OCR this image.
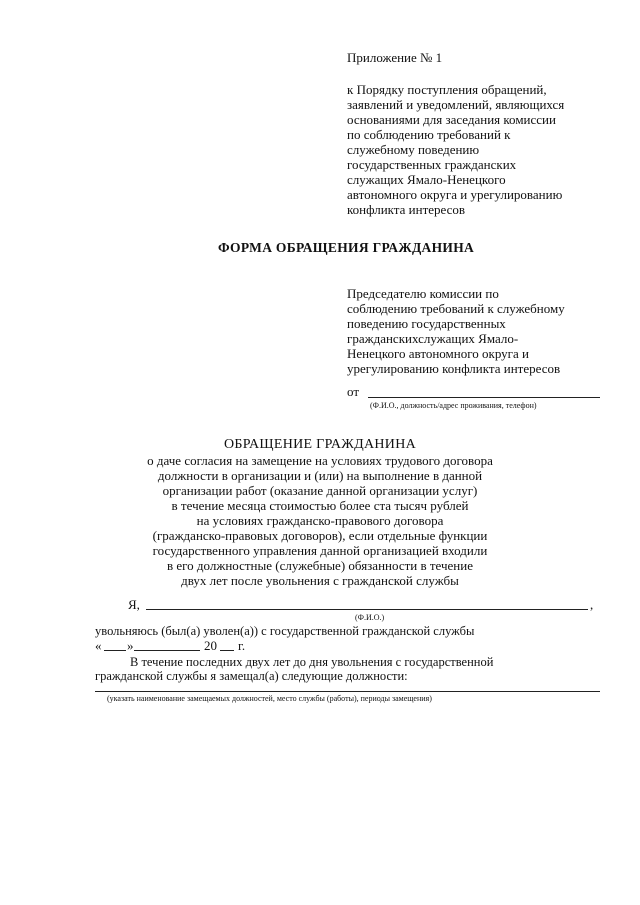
Приложение № 1
к Порядку поступления обращений,
заявлений и уведомлений, являющихся
основаниями для заседания комиссии
по соблюдению требований к
служебному поведению
государственных гражданских
служащих Ямало-Ненецкого
автономного округа и урегулированию
конфликта интересов
ФОРМА ОБРАЩЕНИЯ ГРАЖДАНИНА
Председателю комиссии по
соблюдению требований к служебному
поведению государственных
гражданскихслужащих Ямало-
Ненецкого автономного округа и
урегулированию конфликта интересов
от
(Ф.И.О., должность/адрес проживания, телефон)
ОБРАЩЕНИЕ ГРАЖДАНИНА
о даче согласия на замещение на условиях трудового договора
должности в организации и (или) на выполнение в данной
организации работ (оказание данной организации услуг)
в течение месяца стоимостью более ста тысяч рублей
на условиях гражданско-правового договора
(гражданско-правовых договоров), если отдельные функции
государственного управления данной организацией входили
в его должностные (служебные) обязанности в течение
двух лет после увольнения с гражданской службы
Я,	,
(Ф.И.О.)
увольняюсь (был(а) уволен(а)) с государственной гражданской службы
« »	20 г.
В течение последних двух лет до дня увольнения с государственной
гражданской службы я замещал(а) следующие должности:
(указать наименование замещаемых должностей, место службы (работы), периоды замещения)
